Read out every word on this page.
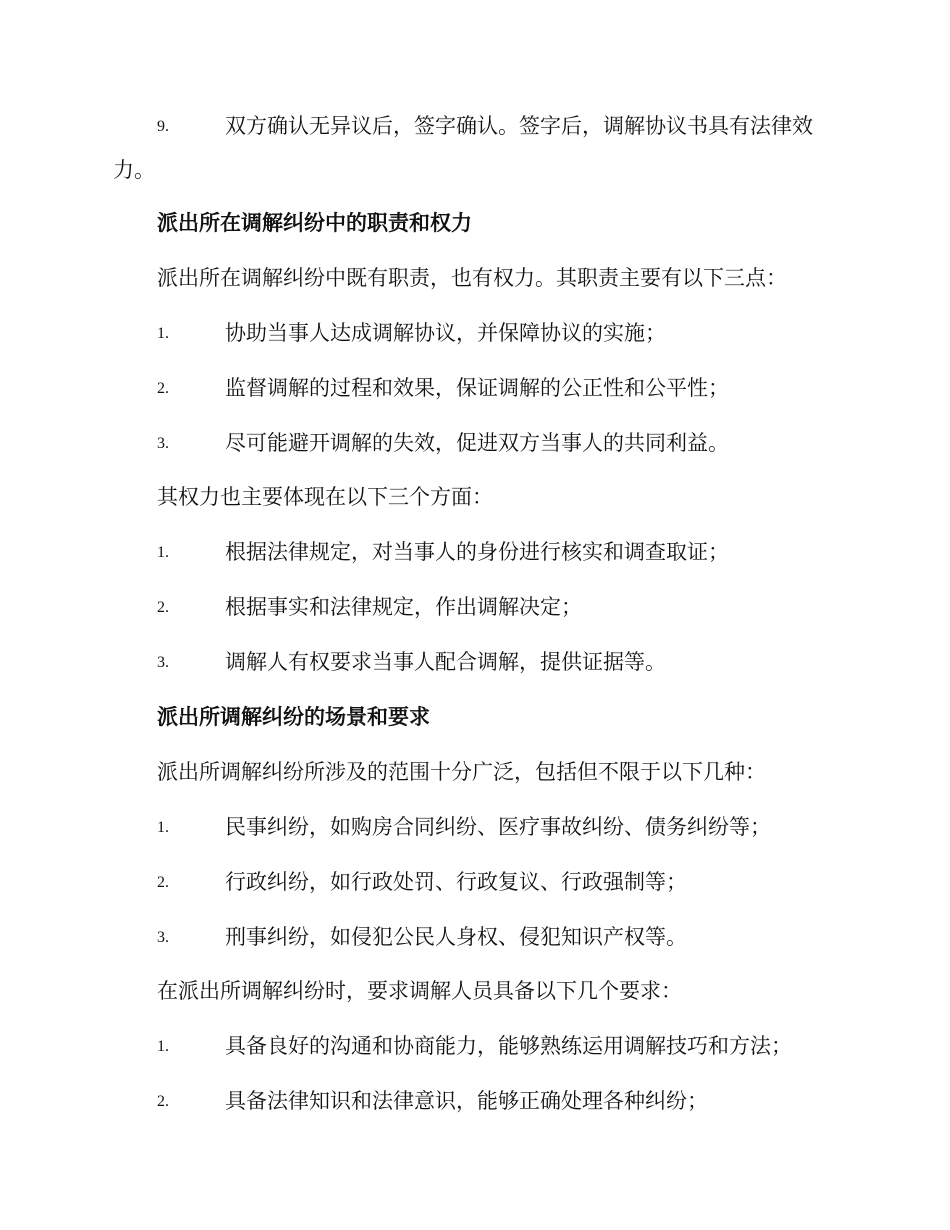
9.	双方确认无异议后，签字确认。签字后，调解协议书具有法律效
力。
派出所在调解纠纷中的职责和权力
派出所在调解纠纷中既有职责，也有权力。其职责主要有以下三点：
1.	协助当事人达成调解协议，并保障协议的实施；
2.	监督调解的过程和效果，保证调解的公正性和公平性；
3.	尽可能避开调解的失效，促进双方当事人的共同利益。
其权力也主要体现在以下三个方面：
1.	根据法律规定，对当事人的身份进行核实和调查取证；
2.	根据事实和法律规定，作出调解决定；
3.	调解人有权要求当事人配合调解，提供证据等。
派出所调解纠纷的场景和要求
派出所调解纠纷所涉及的范围十分广泛，包括但不限于以下几种：
1.	民事纠纷，如购房合同纠纷、医疗事故纠纷、债务纠纷等；
2.	行政纠纷，如行政处罚、行政复议、行政强制等；
3.	刑事纠纷，如侵犯公民人身权、侵犯知识产权等。
在派出所调解纠纷时，要求调解人员具备以下几个要求：
1.	具备良好的沟通和协商能力，能够熟练运用调解技巧和方法；
2.	具备法律知识和法律意识，能够正确处理各种纠纷；
